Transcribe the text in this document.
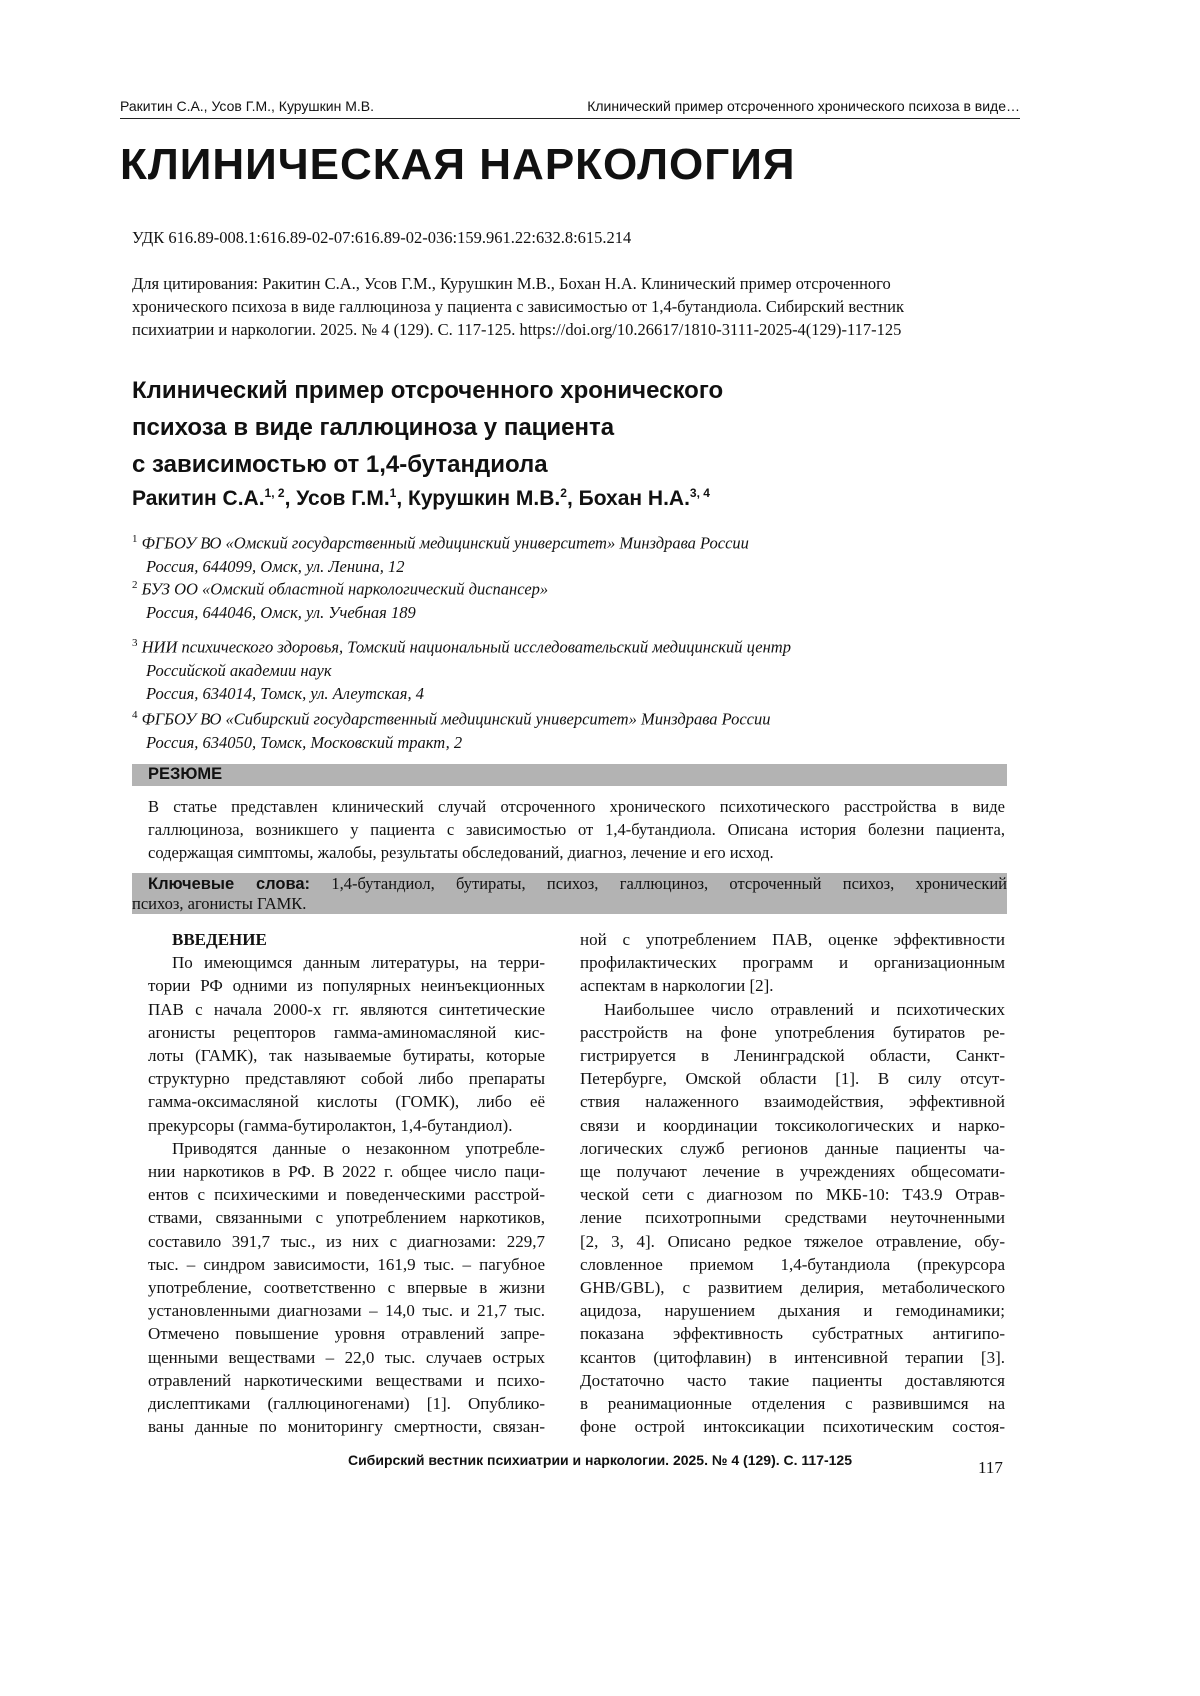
Ракитин С.А., Усов Г.М., Курушкин М.В.	Клинический пример отсроченного хронического психоза в виде…
КЛИНИЧЕСКАЯ НАРКОЛОГИЯ
УДК 616.89-008.1:616.89-02-07:616.89-02-036:159.961.22:632.8:615.214
Для цитирования: Ракитин С.А., Усов Г.М., Курушкин М.В., Бохан Н.А. Клинический пример отсроченного
хронического психоза в виде галлюциноза у пациента с зависимостью от 1,4-бутандиола. Сибирский вестник
психиатрии и наркологии. 2025. № 4 (129). С. 117-125. https://doi.org/10.26617/1810-3111-2025-4(129)-117-125
Клинический пример отсроченного хронического
психоза в виде галлюциноза у пациента
с зависимостью от 1,4-бутандиола
Ракитин С.А.$^{1, 2}$, Усов Г.М.$^1$, Курушкин М.В.$^2$, Бохан Н.А.$^{3, 4}$
$^1$ ФГБОУ ВО «Омский государственный медицинский университет» Минздрава России
Россия, 644099, Омск, ул. Ленина, 12
$^2$ БУЗ ОО «Омский областной наркологический диспансер»
Россия, 644046, Омск, ул. Учебная 189
$^3$ НИИ психического здоровья, Томский национальный исследовательский медицинский центр
Российской академии наук
Россия, 634014, Томск, ул. Алеутская, 4
$^4$ ФГБОУ ВО «Сибирский государственный медицинский университет» Минздрава России
Россия, 634050, Томск, Московский тракт, 2
РЕЗЮМЕ
В статье представлен клинический случай отсроченного хронического психотического расстройства в виде
галлюциноза, возникшего у пациента с зависимостью от 1,4-бутандиола. Описана история болезни пациента,
содержащая симптомы, жалобы, результаты обследований, диагноз, лечение и его исход.
Ключевые слова: 1,4-бутандиол, бутираты, психоз, галлюциноз, отсроченный психоз, хронический
психоз, агонисты ГАМК.
ВВЕДЕНИЕ
По имеющимся данным литературы, на терри-
тории РФ одними из популярных неинъекционных
ПАВ с начала 2000-х гг. являются синтетические
агонисты рецепторов гамма-аминомасляной кис-
лоты (ГАМК), так называемые бутираты, которые
структурно представляют собой либо препараты
гамма-оксимасляной кислоты (ГОМК), либо её
прекурсоры (гамма-бутиролактон, 1,4-бутандиол).
Приводятся данные о незаконном употребле-
нии наркотиков в РФ. В 2022 г. общее число паци-
ентов с психическими и поведенческими расстрой-
ствами, связанными с употреблением наркотиков,
составило 391,7 тыс., из них с диагнозами: 229,7
тыс. – синдром зависимости, 161,9 тыс. – пагубное
употребление, соответственно с впервые в жизни
установленными диагнозами – 14,0 тыс. и 21,7 тыс.
Отмечено повышение уровня отравлений запре-
щенными веществами – 22,0 тыс. случаев острых
отравлений наркотическими веществами и психо-
дислептиками (галлюциногенами) [1]. Опублико-
ваны данные по мониторингу смертности, связан-
ной с употреблением ПАВ, оценке эффективности
профилактических программ и организационным
аспектам в наркологии [2].
Наибольшее число отравлений и психотических
расстройств на фоне употребления бутиратов ре-
гистрируется в Ленинградской области, Санкт-
Петербурге, Омской области [1]. В силу отсут-
ствия налаженного взаимодействия, эффективной
связи и координации токсикологических и нарко-
логических служб регионов данные пациенты ча-
ще получают лечение в учреждениях общесомати-
ческой сети с диагнозом по МКБ-10: T43.9 Отрав-
ление психотропными средствами неуточненными
[2, 3, 4]. Описано редкое тяжелое отравление, обу-
словленное приемом 1,4-бутандиола (прекурсора
GHB/GBL), с развитием делирия, метаболического
ацидоза, нарушением дыхания и гемодинамики;
показана эффективность субстратных антигипо-
ксантов (цитофлавин) в интенсивной терапии [3].
Достаточно часто такие пациенты доставляются
в реанимационные отделения с развившимся на
фоне острой интоксикации психотическим состоя-
Сибирский вестник психиатрии и наркологии. 2025. № 4 (129). С. 117-125	117
